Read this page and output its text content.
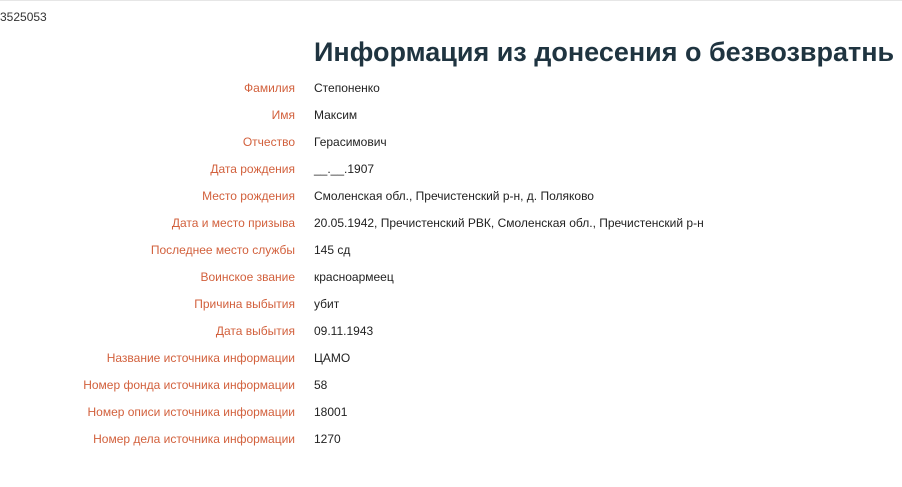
3525053
Информация из донесения о безвозвратнь
Фамилия Степоненко
Имя Максим
Отчество Герасимович
Дата рождения __.__.1907
Место рождения Смоленская обл., Пречистенский р-н, д. Поляково
Дата и место призыва 20.05.1942, Пречистенский РВК, Смоленская обл., Пречистенский р-н
Последнее место службы 145 сд
Воинское звание красноармеец
Причина выбытия убит
Дата выбытия 09.11.1943
Название источника информации ЦАМО
Номер фонда источника информации 58
Номер описи источника информации 18001
Номер дела источника информации 1270
